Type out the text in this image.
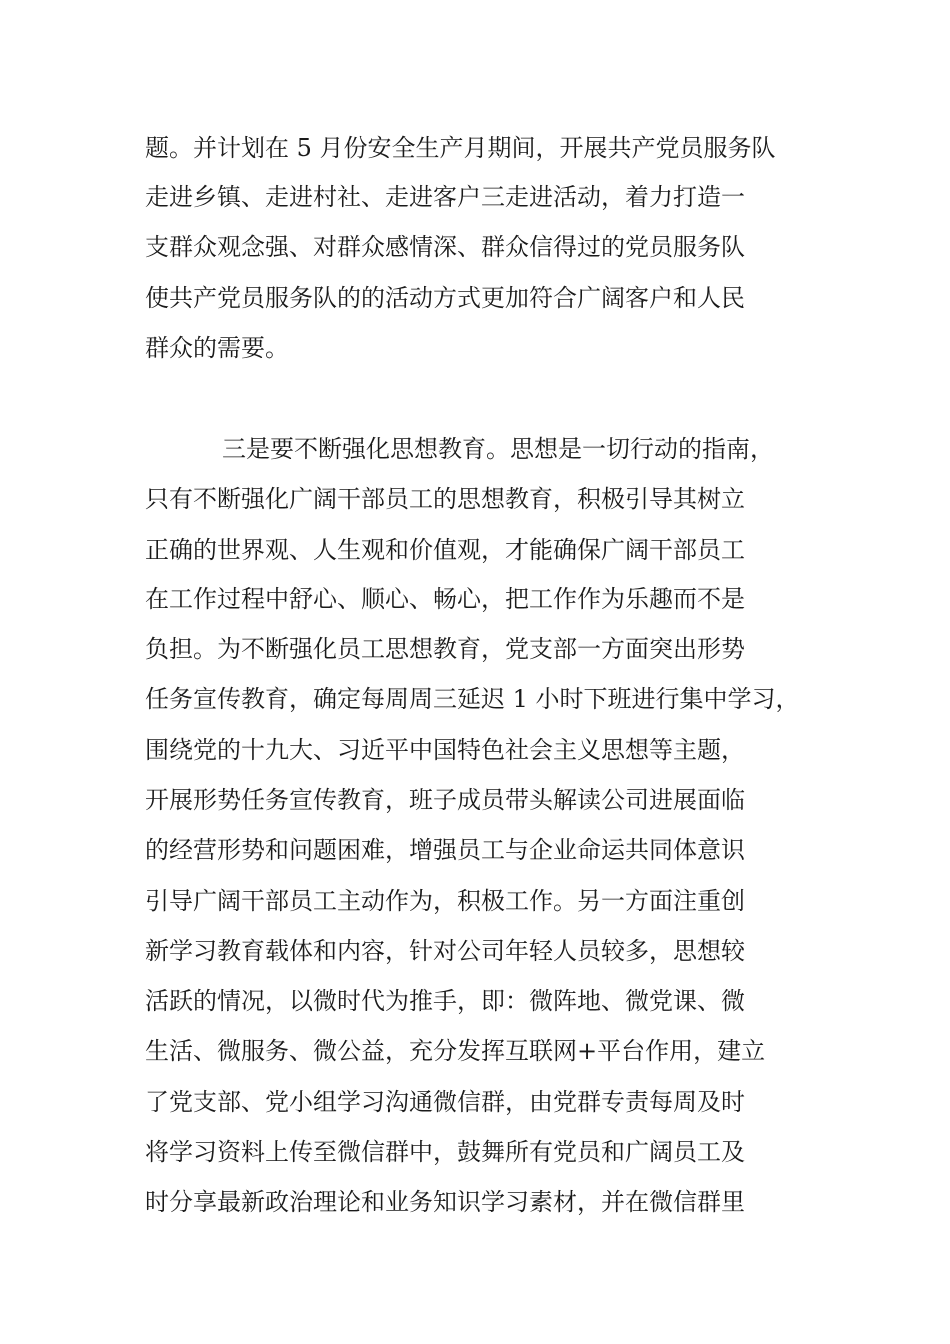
题。并计划在 5 月份安全生产月期间，开展共产党员服务队
走进乡镇、走进村社、走进客户三走进活动，着力打造一
支群众观念强、对群众感情深、群众信得过的党员服务队
使共产党员服务队的的活动方式更加符合广阔客户和人民
群众的需要。
三是要不断强化思想教育。思想是一切行动的指南，
只有不断强化广阔干部员工的思想教育，积极引导其树立
正确的世界观、人生观和价值观，才能确保广阔干部员工
在工作过程中舒心、顺心、畅心，把工作作为乐趣而不是
负担。为不断强化员工思想教育，党支部一方面突出形势
任务宣传教育，确定每周周三延迟 1 小时下班进行集中学习，
围绕党的十九大、习近平中国特色社会主义思想等主题，
开展形势任务宣传教育，班子成员带头解读公司进展面临
的经营形势和问题困难，增强员工与企业命运共同体意识
引导广阔干部员工主动作为，积极工作。另一方面注重创
新学习教育载体和内容，针对公司年轻人员较多，思想较
活跃的情况，以微时代为推手，即：微阵地、微党课、微
生活、微服务、微公益，充分发挥互联网+平台作用，建立
了党支部、党小组学习沟通微信群，由党群专责每周及时
将学习资料上传至微信群中，鼓舞所有党员和广阔员工及
时分享最新政治理论和业务知识学习素材，并在微信群里
